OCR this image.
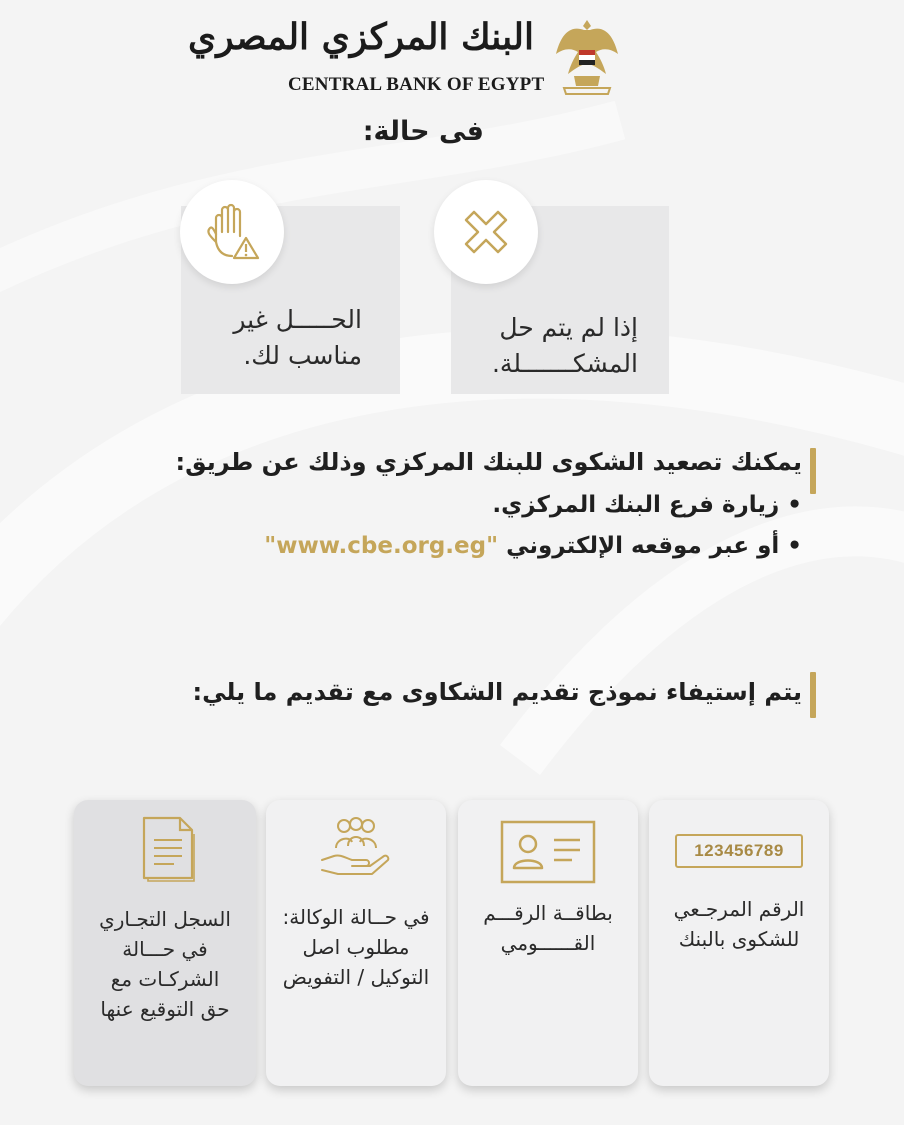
البنك المركزي المصري
CENTRAL BANK OF EGYPT
فى حالة:
إذا لم يتم حل
المشكـــــــلة.
الحـــــل غير
مناسب لك.
يمكنك تصعيد الشكوى للبنك المركزي وذلك عن طريق:
• زيارة فرع البنك المركزي.
• أو عبر موقعه الإلكتروني "www.cbe.org.eg"
يتم إستيفاء نموذج تقديم الشكاوى مع تقديم ما يلي:
123456789
الرقم المرجـعي
للشكوى بالبنك
بطاقــة الرقـــم
القــــــومي
في حــالة الوكالة:
مطلوب اصل
التوكيل / التفويض
السجل التجـاري
في حـــالة
الشركـات مع
حق التوقيع عنها
